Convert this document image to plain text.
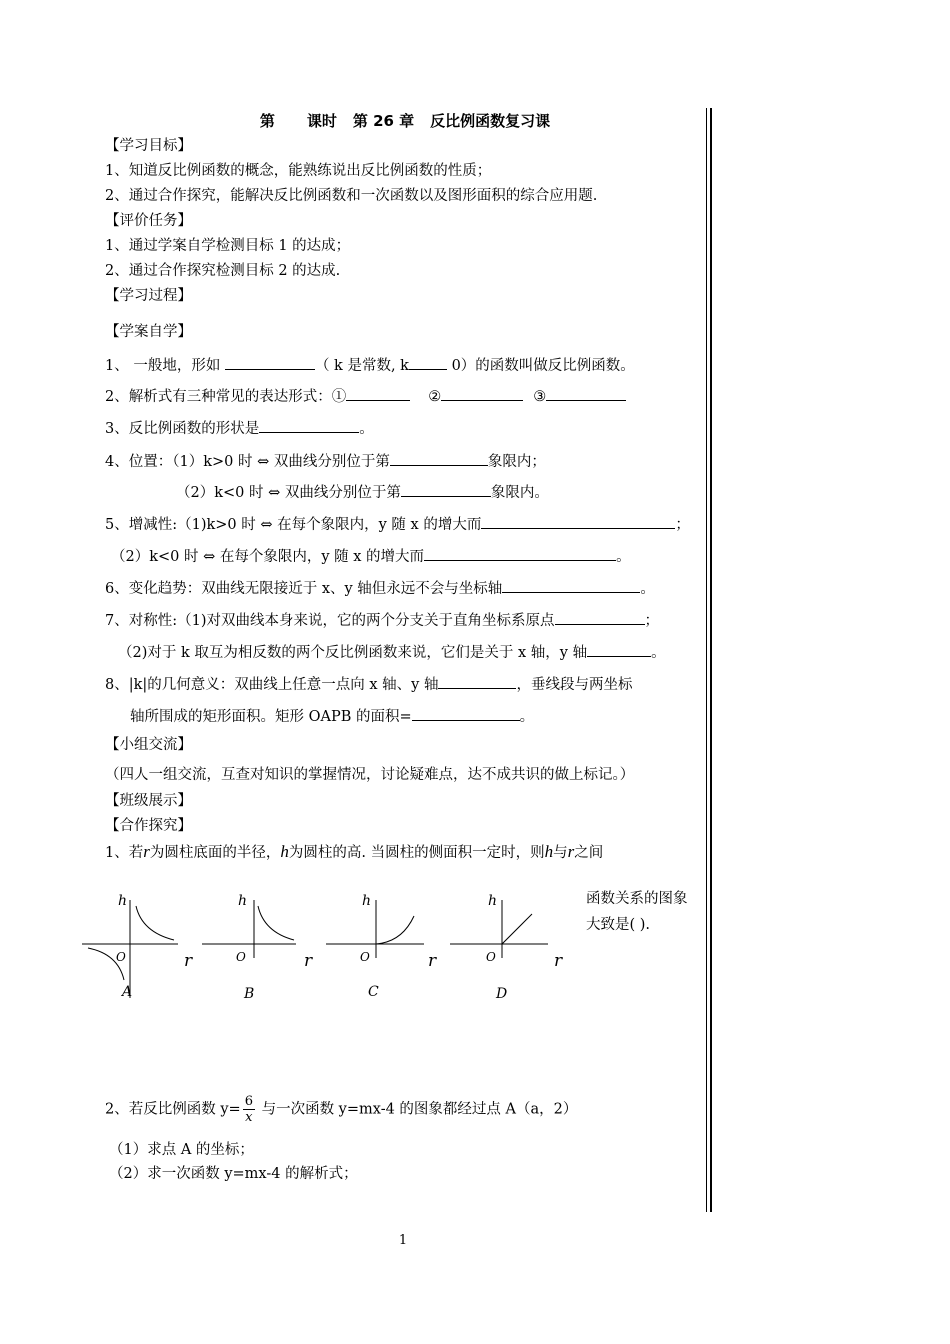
第 课时 第 26 章 反比例函数复习课
【学习目标】
1、知道反比例函数的概念，能熟练说出反比例函数的性质；
2、通过合作探究，能解决反比例函数和一次函数以及图形面积的综合应用题.
【评价任务】
1、通过学案自学检测目标 1 的达成；
2、通过合作探究检测目标 2 的达成.
【学习过程】
【学案自学】
1、 一般地，形如	（ k 是常数, k	0）的函数叫做反比例函数。
2、解析式有三种常见的表达形式：①	②	③
3、反比例函数的形状是	。
4、位置：（1）k>0 时 ⇔ 双曲线分别位于第	象限内；
（2）k<0 时 ⇔ 双曲线分别位于第	象限内。
5、增减性:（1)k>0 时 ⇔ 在每个象限内，y 随 x 的增大而	；
（2）k<0 时 ⇔ 在每个象限内，y 随 x 的增大而	。
6、变化趋势：双曲线无限接近于 x、y 轴但永远不会与坐标轴	。
7、对称性:（1)对双曲线本身来说，它的两个分支关于直角坐标系原点	；
（2)对于 k 取互为相反数的两个反比例函数来说，它们是关于 x 轴，y 轴	。
8、|k|的几何意义：双曲线上任意一点向 x 轴、y 轴	，垂线段与两坐标
轴所围成的矩形面积。矩形 OAPB 的面积=	。
【小组交流】
（四人一组交流，互查对知识的掌握情况，讨论疑难点，达不成共识的做上标记。）
【班级展示】
【合作探究】
1、若r为圆柱底面的半径，h为圆柱的高. 当圆柱的侧面积一定时，则h与r之间
h
r
O
A
h
r
O
B
h
r
O
C
h
r
O
D
函数关系的图象大致是( ).
2、若反比例函数 $y= \frac{6}{x}$ 与一次函数 y=mx-4 的图象都经过点 A（a，2）
（1）求点 A 的坐标；
（2）求一次函数 y=mx-4 的解析式；
1
